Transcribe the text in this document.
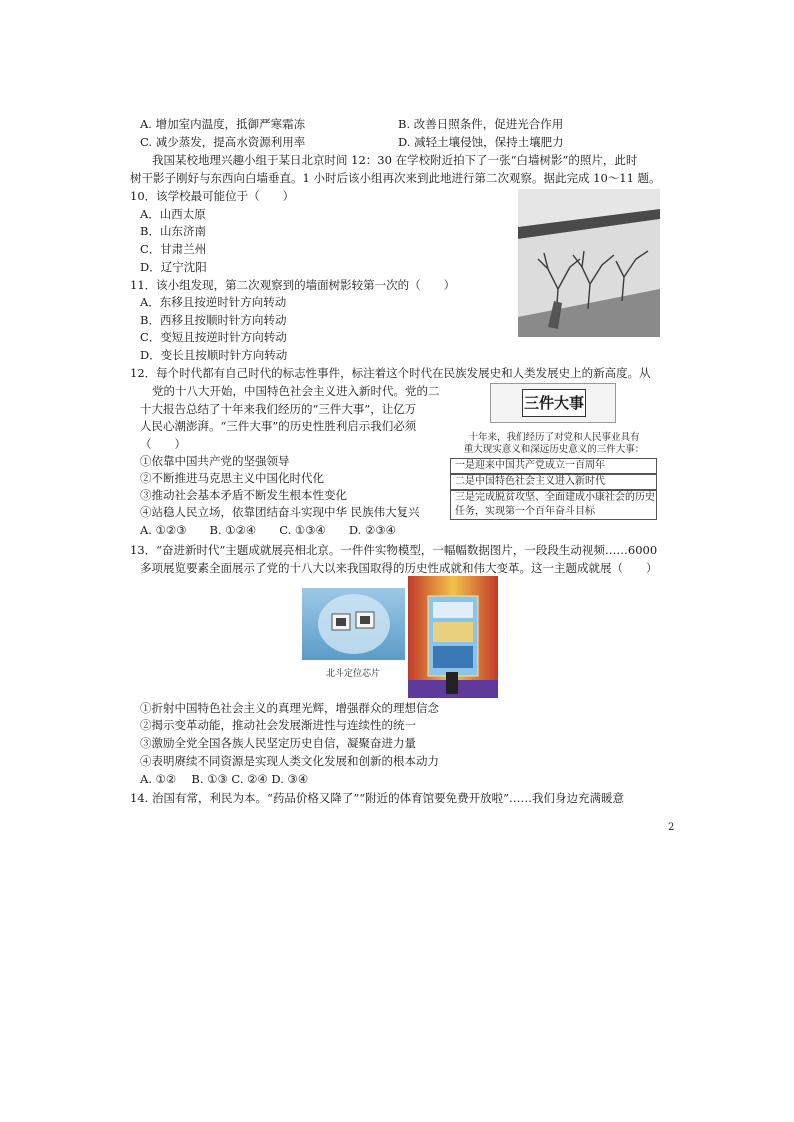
A. 增加室内温度，抵御严寒霜冻	B. 改善日照条件，促进光合作用
C. 减少蒸发，提高水资源利用率	D. 减轻土壤侵蚀，保持土壤肥力
我国某校地理兴趣小组于某日北京时间 12：30 在学校附近拍下了一张“白墙树影”的照片，此时
树干影子刚好与东西向白墙垂直。1 小时后该小组再次来到此地进行第二次观察。据此完成 10～11 题。
10．该学校最可能位于（　　）
A．山西太原
B．山东济南
C．甘肃兰州
D．辽宁沈阳
11．该小组发现，第二次观察到的墙面树影较第一次的（　　）
A．东移且按逆时针方向转动
B．西移且按顺时针方向转动
C．变短且按逆时针方向转动
D．变长且按顺时针方向转动
12．每个时代都有自己时代的标志性事件，标注着这个时代在民族发展史和人类发展史上的新高度。从
党的十八大开始，中国特色社会主义进入新时代。党的二
十大报告总结了十年来我们经历的“三件大事”，让亿万
人民心潮澎湃。“三件大事”的历史性胜利启示我们必须
（　　）
①依靠中国共产党的坚强领导
②不断推进马克思主义中国化时代化
③推动社会基本矛盾不断发生根本性变化
④站稳人民立场，依靠团结奋斗实现中华 民族伟大复兴
A. ①②③　　B. ①②④　　C. ①③④　　D. ②③④
三件大事
十年来，我们经历了对党和人民事业具有
重大现实意义和深远历史意义的三件大事：
一是迎来中国共产党成立一百周年
二是中国特色社会主义进入新时代
三是完成脱贫攻坚、全面建成小康社会的历史
任务，实现第一个百年奋斗目标
13．“奋进新时代”主题成就展亮相北京。一件件实物模型，一幅幅数据图片，一段段生动视频……6000
多项展览要素全面展示了党的十八大以来我国取得的历史性成就和伟大变革。这一主题成就展（　　）
北斗定位芯片
①折射中国特色社会主义的真理光辉，增强群众的理想信念
②揭示变革动能，推动社会发展渐进性与连续性的统一
③激励全党全国各族人民坚定历史自信，凝聚奋进力量
④表明赓续不同资源是实现人类文化发展和创新的根本动力
A. ①②　 B. ①③ C. ②④ D. ③④
14. 治国有常，利民为本。“药品价格又降了”“附近的体育馆要免费开放啦”……我们身边充满暖意
2
